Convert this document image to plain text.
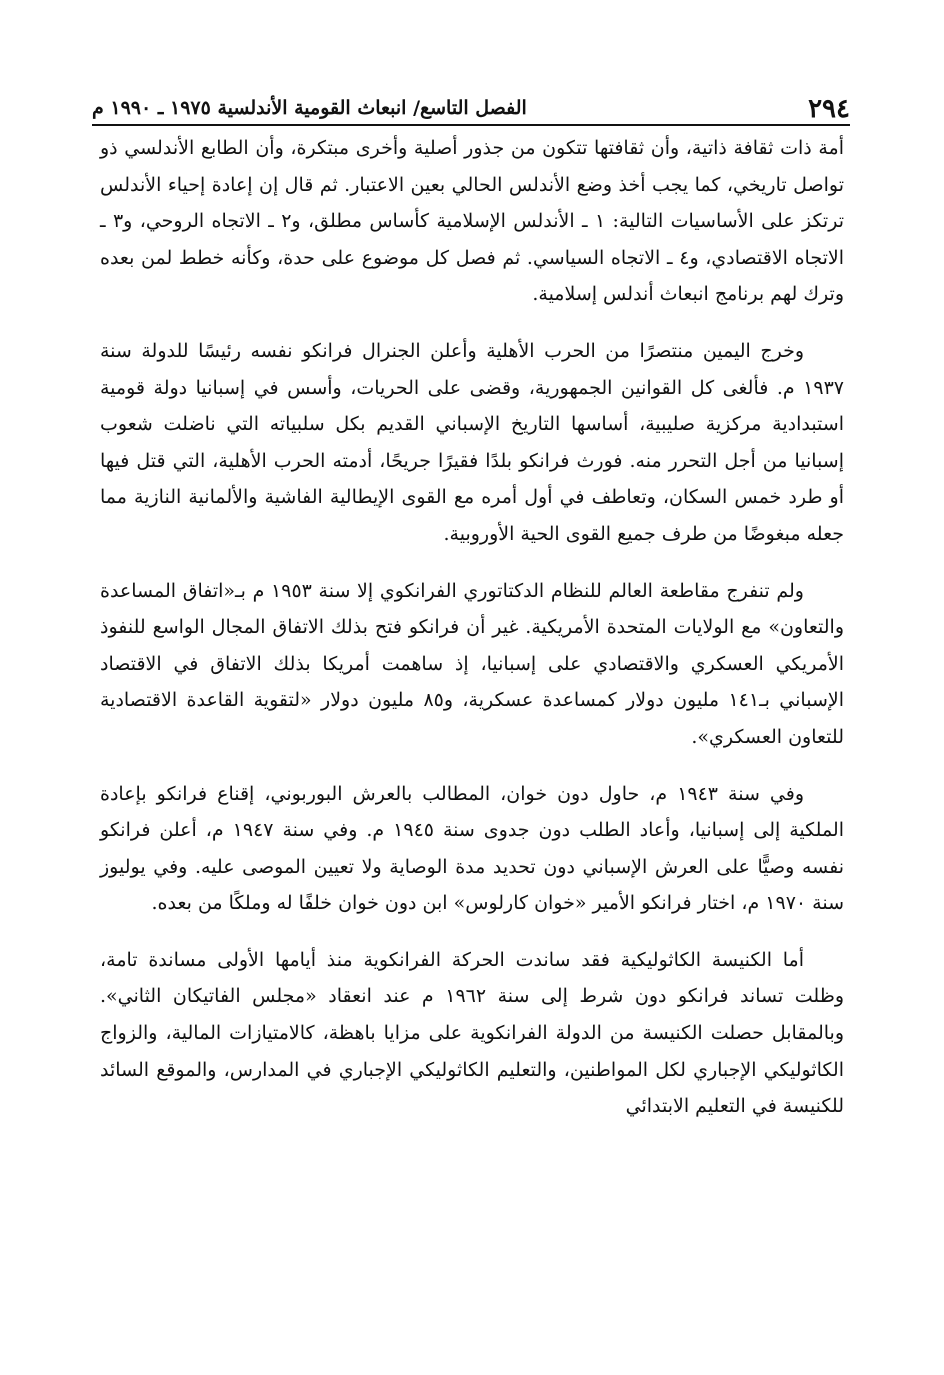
٢٩٤
الفصل التاسع/ انبعاث القومية الأندلسية ١٩٧٥ ـ ١٩٩٠ م

أمة ذات ثقافة ذاتية، وأن ثقافتها تتكون من جذور أصلية وأخرى مبتكرة، وأن الطابع الأندلسي ذو تواصل تاريخي، كما يجب أخذ وضع الأندلس الحالي بعين الاعتبار. ثم قال إن إعادة إحياء الأندلس ترتكز على الأساسيات التالية: ١ ـ الأندلس الإسلامية كأساس مطلق، و٢ ـ الاتجاه الروحي، و٣ ـ الاتجاه الاقتصادي، و٤ ـ الاتجاه السياسي. ثم فصل كل موضوع على حدة، وكأنه خطط لمن بعده وترك لهم برنامج انبعاث أندلس إسلامية.

وخرج اليمين منتصرًا من الحرب الأهلية وأعلن الجنرال فرانكو نفسه رئيسًا للدولة سنة ١٩٣٧ م. فألغى كل القوانين الجمهورية، وقضى على الحريات، وأسس في إسبانيا دولة قومية استبدادية مركزية صليبية، أساسها التاريخ الإسباني القديم بكل سلبياته التي ناضلت شعوب إسبانيا من أجل التحرر منه. فورث فرانكو بلدًا فقيرًا جريحًا، أدمته الحرب الأهلية، التي قتل فيها أو طرد خمس السكان، وتعاطف في أول أمره مع القوى الإيطالية الفاشية والألمانية النازية مما جعله مبغوضًا من طرف جميع القوى الحية الأوروبية.

ولم تنفرج مقاطعة العالم للنظام الدكتاتوري الفرانكوي إلا سنة ١٩٥٣ م بـ«اتفاق المساعدة والتعاون» مع الولايات المتحدة الأمريكية. غير أن فرانكو فتح بذلك الاتفاق المجال الواسع للنفوذ الأمريكي العسكري والاقتصادي على إسبانيا، إذ ساهمت أمريكا بذلك الاتفاق في الاقتصاد الإسباني بـ١٤١ مليون دولار كمساعدة عسكرية، و٨٥ مليون دولار «لتقوية القاعدة الاقتصادية للتعاون العسكري».

وفي سنة ١٩٤٣ م، حاول دون خوان، المطالب بالعرش البوربوني، إقناع فرانكو بإعادة الملكية إلى إسبانيا، وأعاد الطلب دون جدوى سنة ١٩٤٥ م. وفي سنة ١٩٤٧ م، أعلن فرانكو نفسه وصيًّا على العرش الإسباني دون تحديد مدة الوصاية ولا تعيين الموصى عليه. وفي يوليوز سنة ١٩٧٠ م، اختار فرانكو الأمير «خوان كارلوس» ابن دون خوان خلفًا له وملكًا من بعده.

أما الكنيسة الكاثوليكية فقد ساندت الحركة الفرانكوية منذ أيامها الأولى مساندة تامة، وظلت تساند فرانكو دون شرط إلى سنة ١٩٦٢ م عند انعقاد «مجلس الفاتيكان الثاني». وبالمقابل حصلت الكنيسة من الدولة الفرانكوية على مزايا باهظة، كالامتيازات المالية، والزواج الكاثوليكي الإجباري لكل المواطنين، والتعليم الكاثوليكي الإجباري في المدارس، والموقع السائد للكنيسة في التعليم الابتدائي
